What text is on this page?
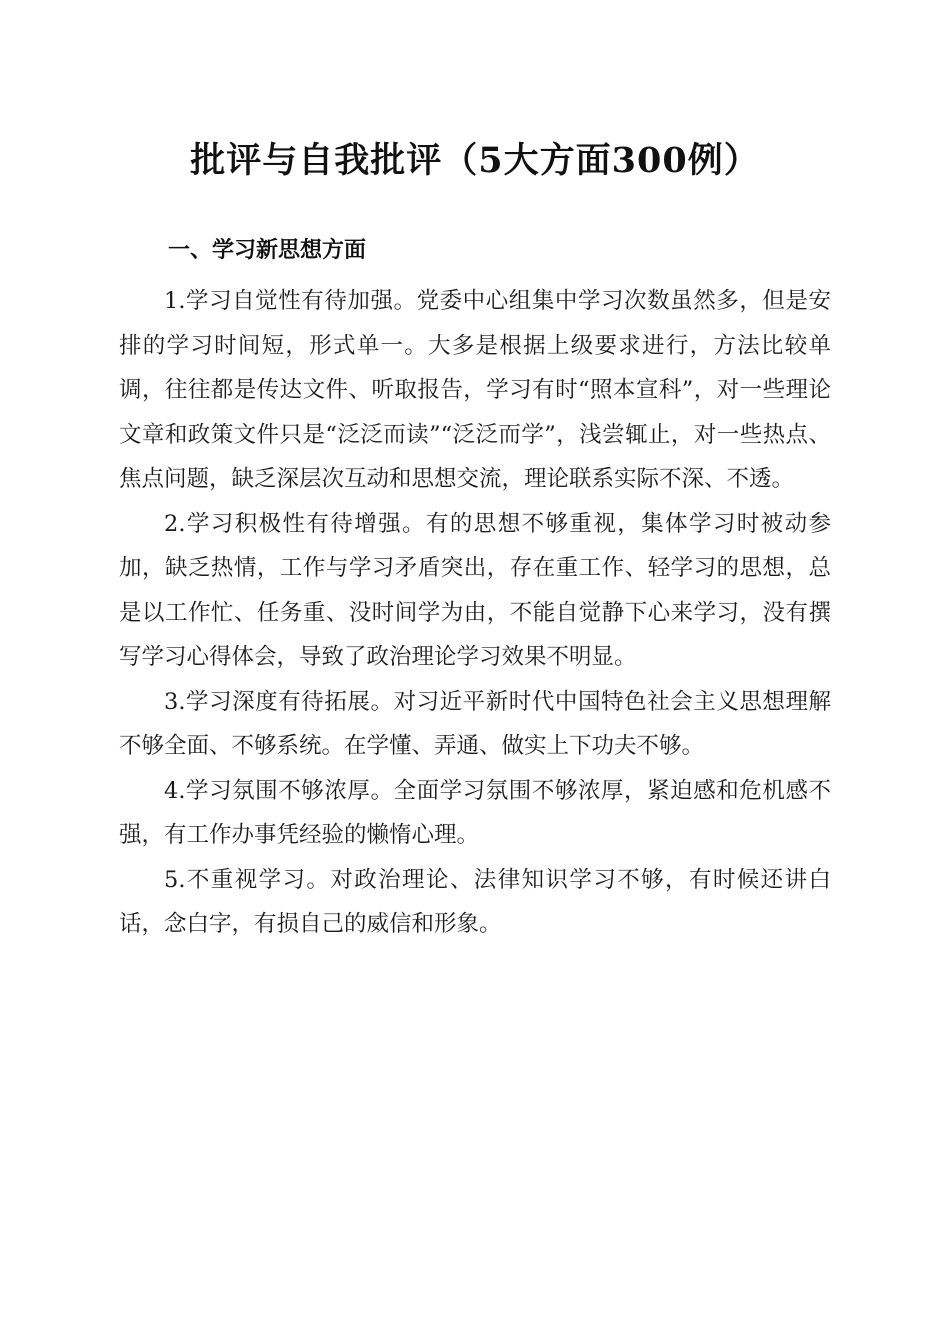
批评与自我批评（5大方面300例）
一、学习新思想方面

1.学习自觉性有待加强。党委中心组集中学习次数虽然多，但是安排的学习时间短，形式单一。大多是根据上级要求进行，方法比较单调，往往都是传达文件、听取报告，学习有时“照本宣科”，对一些理论文章和政策文件只是“泛泛而读”“泛泛而学”，浅尝辄止，对一些热点、焦点问题，缺乏深层次互动和思想交流，理论联系实际不深、不透。

2.学习积极性有待增强。有的思想不够重视，集体学习时被动参加，缺乏热情，工作与学习矛盾突出，存在重工作、轻学习的思想，总是以工作忙、任务重、没时间学为由，不能自觉静下心来学习，没有撰写学习心得体会，导致了政治理论学习效果不明显。

3.学习深度有待拓展。对习近平新时代中国特色社会主义思想理解不够全面、不够系统。在学懂、弄通、做实上下功夫不够。

4.学习氛围不够浓厚。全面学习氛围不够浓厚，紧迫感和危机感不强，有工作办事凭经验的懒惰心理。

5.不重视学习。对政治理论、法律知识学习不够，有时候还讲白话，念白字，有损自己的威信和形象。
